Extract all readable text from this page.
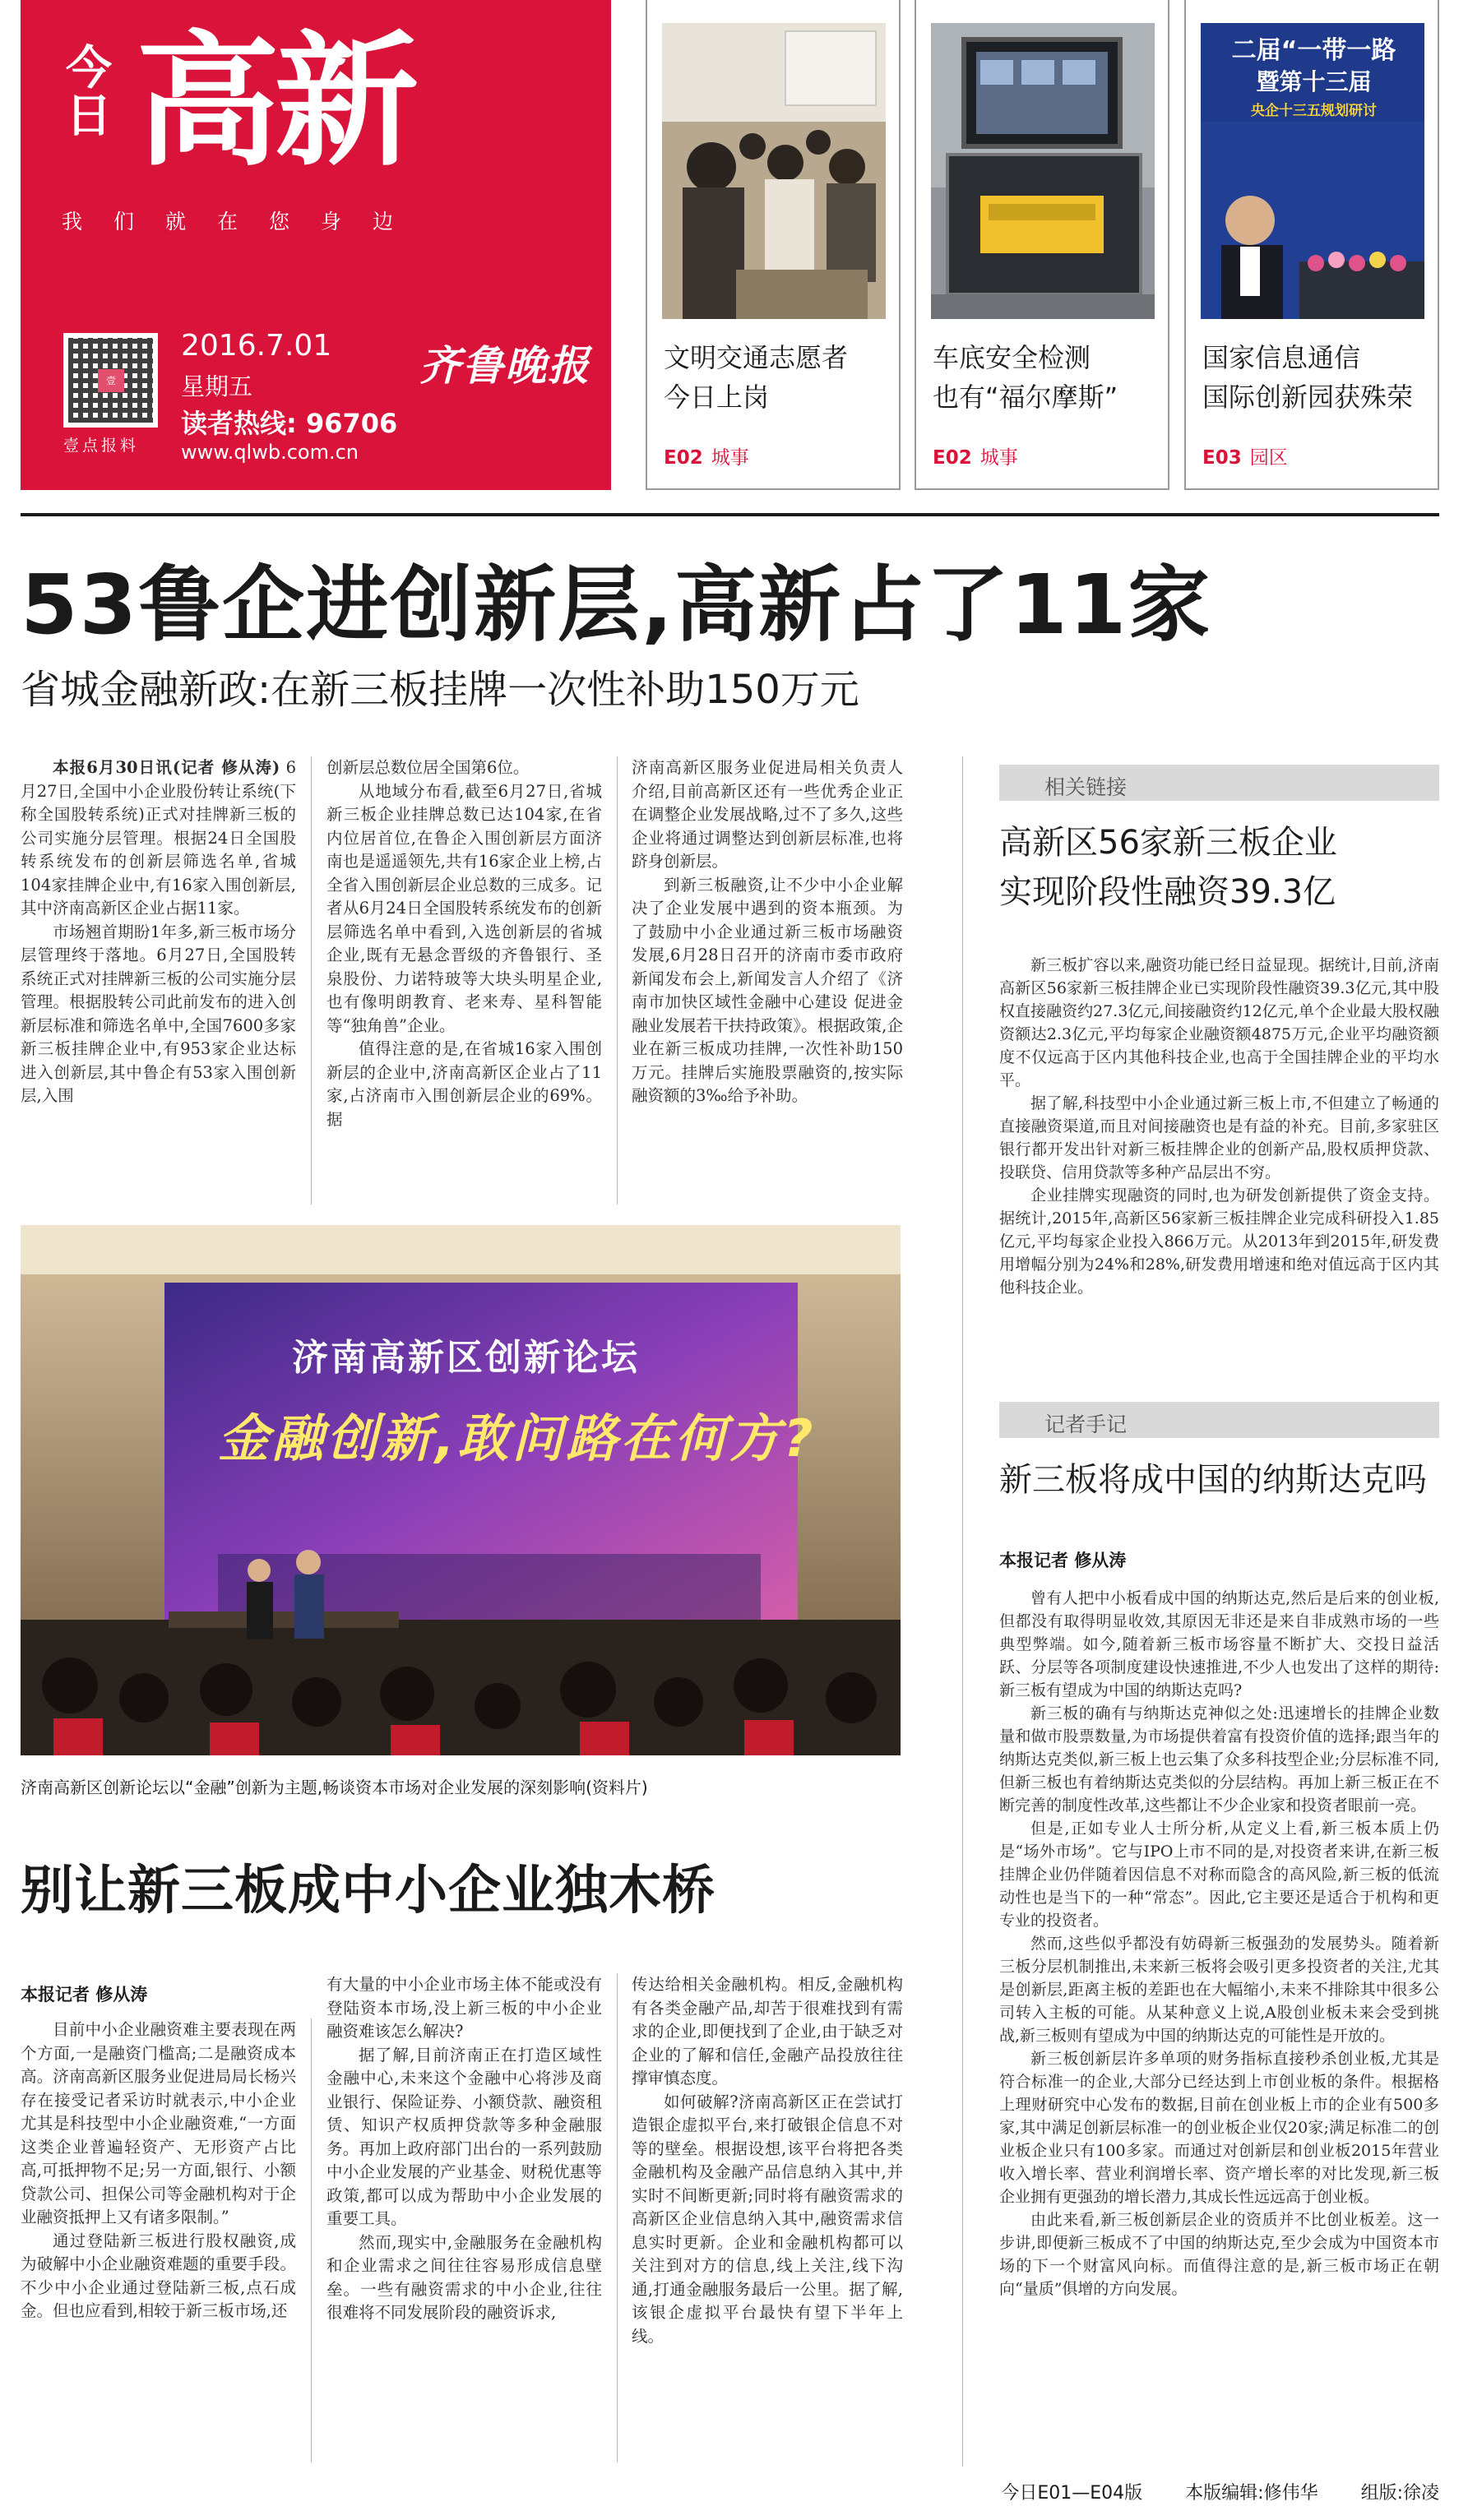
今日 高新
我们就在您身边
壹
壹点报料
2016.7.01
星期五
读者热线: 96706
www.qlwb.com.cn
齐鲁晚报	文明交通志愿者
今日上岗
E02 城事
车底安全检测
也有“福尔摩斯”
E02 城事
二届“一带一路
暨第十三届
央企十三五规划研讨
国家信息通信
国际创新园获殊荣
E03 园区
53鲁企进创新层,高新占了11家
省城金融新政:在新三板挂牌一次性补助150万元
本报6月30日讯(记者 修从涛) 6月27日,全国中小企业股份转让系统(下称全国股转系统)正式对挂牌新三板的公司实施分层管理。根据24日全国股转系统发布的创新层筛选名单,省城104家挂牌企业中,有16家入围创新层,其中济南高新区企业占据11家。
市场翘首期盼1年多,新三板市场分层管理终于落地。6月27日,全国股转系统正式对挂牌新三板的公司实施分层管理。根据股转公司此前发布的进入创新层标准和筛选名单中,全国7600多家新三板挂牌企业中,有953家企业达标进入创新层,其中鲁企有53家入围创新层,入围
创新层总数位居全国第6位。
从地域分布看,截至6月27日,省城新三板企业挂牌总数已达104家,在省内位居首位,在鲁企入围创新层方面济南也是遥遥领先,共有16家企业上榜,占全省入围创新层企业总数的三成多。记者从6月24日全国股转系统发布的创新层筛选名单中看到,入选创新层的省城企业,既有无悬念晋级的齐鲁银行、圣泉股份、力诺特玻等大块头明星企业,也有像明朗教育、老来寿、星科智能等“独角兽”企业。
值得注意的是,在省城16家入围创新层的企业中,济南高新区企业占了11家,占济南市入围创新层企业的69%。据
济南高新区服务业促进局相关负责人介绍,目前高新区还有一些优秀企业正在调整企业发展战略,过不了多久,这些企业将通过调整达到创新层标准,也将跻身创新层。
到新三板融资,让不少中小企业解决了企业发展中遇到的资本瓶颈。为了鼓励中小企业通过新三板市场融资发展,6月28日召开的济南市委市政府新闻发布会上,新闻发言人介绍了《济南市加快区域性金融中心建设 促进金融业发展若干扶持政策》。根据政策,企业在新三板成功挂牌,一次性补助150万元。挂牌后实施股票融资的,按实际融资额的3‰给予补助。
济南高新区创新论坛
金融创新,敢问路在何方?
济南高新区创新论坛以“金融”创新为主题,畅谈资本市场对企业发展的深刻影响(资料片)
别让新三板成中小企业独木桥
本报记者 修从涛
目前中小企业融资难主要表现在两个方面,一是融资门槛高;二是融资成本高。济南高新区服务业促进局局长杨兴存在接受记者采访时就表示,中小企业尤其是科技型中小企业融资难,“一方面这类企业普遍轻资产、无形资产占比高,可抵押物不足;另一方面,银行、小额贷款公司、担保公司等金融机构对于企业融资抵押上又有诸多限制。”
通过登陆新三板进行股权融资,成为破解中小企业融资难题的重要手段。不少中小企业通过登陆新三板,点石成金。但也应看到,相较于新三板市场,还
有大量的中小企业市场主体不能或没有登陆资本市场,没上新三板的中小企业融资难该怎么解决?
据了解,目前济南正在打造区域性金融中心,未来这个金融中心将涉及商业银行、保险证券、小额贷款、融资租赁、知识产权质押贷款等多种金融服务。再加上政府部门出台的一系列鼓励中小企业发展的产业基金、财税优惠等政策,都可以成为帮助中小企业发展的重要工具。
然而,现实中,金融服务在金融机构和企业需求之间往往容易形成信息壁垒。一些有融资需求的中小企业,往往很难将不同发展阶段的融资诉求,
传达给相关金融机构。相反,金融机构有各类金融产品,却苦于很难找到有需求的企业,即便找到了企业,由于缺乏对企业的了解和信任,金融产品投放往往撑审慎态度。
如何破解?济南高新区正在尝试打造银企虚拟平台,来打破银企信息不对等的壁垒。根据设想,该平台将把各类金融机构及金融产品信息纳入其中,并实时不间断更新;同时将有融资需求的高新区企业信息纳入其中,融资需求信息实时更新。企业和金融机构都可以关注到对方的信息,线上关注,线下沟通,打通金融服务最后一公里。据了解,该银企虚拟平台最快有望下半年上线。
相关链接
高新区56家新三板企业
实现阶段性融资39.3亿
新三板扩容以来,融资功能已经日益显现。据统计,目前,济南高新区56家新三板挂牌企业已实现阶段性融资39.3亿元,其中股权直接融资约27.3亿元,间接融资约12亿元,单个企业最大股权融资额达2.3亿元,平均每家企业融资额4875万元,企业平均融资额度不仅远高于区内其他科技企业,也高于全国挂牌企业的平均水平。
据了解,科技型中小企业通过新三板上市,不但建立了畅通的直接融资渠道,而且对间接融资也是有益的补充。目前,多家驻区银行都开发出针对新三板挂牌企业的创新产品,股权质押贷款、投联贷、信用贷款等多种产品层出不穷。
企业挂牌实现融资的同时,也为研发创新提供了资金支持。据统计,2015年,高新区56家新三板挂牌企业完成科研投入1.85亿元,平均每家企业投入866万元。从2013年到2015年,研发费用增幅分别为24%和28%,研发费用增速和绝对值远高于区内其他科技企业。
记者手记
新三板将成中国的纳斯达克吗
本报记者 修从涛
曾有人把中小板看成中国的纳斯达克,然后是后来的创业板,但都没有取得明显收效,其原因无非还是来自非成熟市场的一些典型弊端。如今,随着新三板市场容量不断扩大、交投日益活跃、分层等各项制度建设快速推进,不少人也发出了这样的期待:新三板有望成为中国的纳斯达克吗?
新三板的确有与纳斯达克神似之处:迅速增长的挂牌企业数量和做市股票数量,为市场提供着富有投资价值的选择;跟当年的纳斯达克类似,新三板上也云集了众多科技型企业;分层标准不同,但新三板也有着纳斯达克类似的分层结构。再加上新三板正在不断完善的制度性改革,这些都让不少企业家和投资者眼前一亮。
但是,正如专业人士所分析,从定义上看,新三板本质上仍是“场外市场”。它与IPO上市不同的是,对投资者来讲,在新三板挂牌企业仍伴随着因信息不对称而隐含的高风险,新三板的低流动性也是当下的一种“常态”。因此,它主要还是适合于机构和更专业的投资者。
然而,这些似乎都没有妨碍新三板强劲的发展势头。随着新三板分层机制推出,未来新三板将会吸引更多投资者的关注,尤其是创新层,距离主板的差距也在大幅缩小,未来不排除其中很多公司转入主板的可能。从某种意义上说,A股创业板未来会受到挑战,新三板则有望成为中国的纳斯达克的可能性是开放的。
新三板创新层许多单项的财务指标直接秒杀创业板,尤其是符合标准一的企业,大部分已经达到上市创业板的条件。根据格上理财研究中心发布的数据,目前在创业板上市的企业有500多家,其中满足创新层标准一的创业板企业仅20家;满足标准二的创业板企业只有100多家。而通过对创新层和创业板2015年营业收入增长率、营业利润增长率、资产增长率的对比发现,新三板企业拥有更强劲的增长潜力,其成长性远远高于创业板。
由此来看,新三板创新层企业的资质并不比创业板差。这一步讲,即便新三板成不了中国的纳斯达克,至少会成为中国资本市场的下一个财富风向标。而值得注意的是,新三板市场正在朝向“量质”俱增的方向发展。
今日E01—E04版 本版编辑:修伟华 组版:徐凌
